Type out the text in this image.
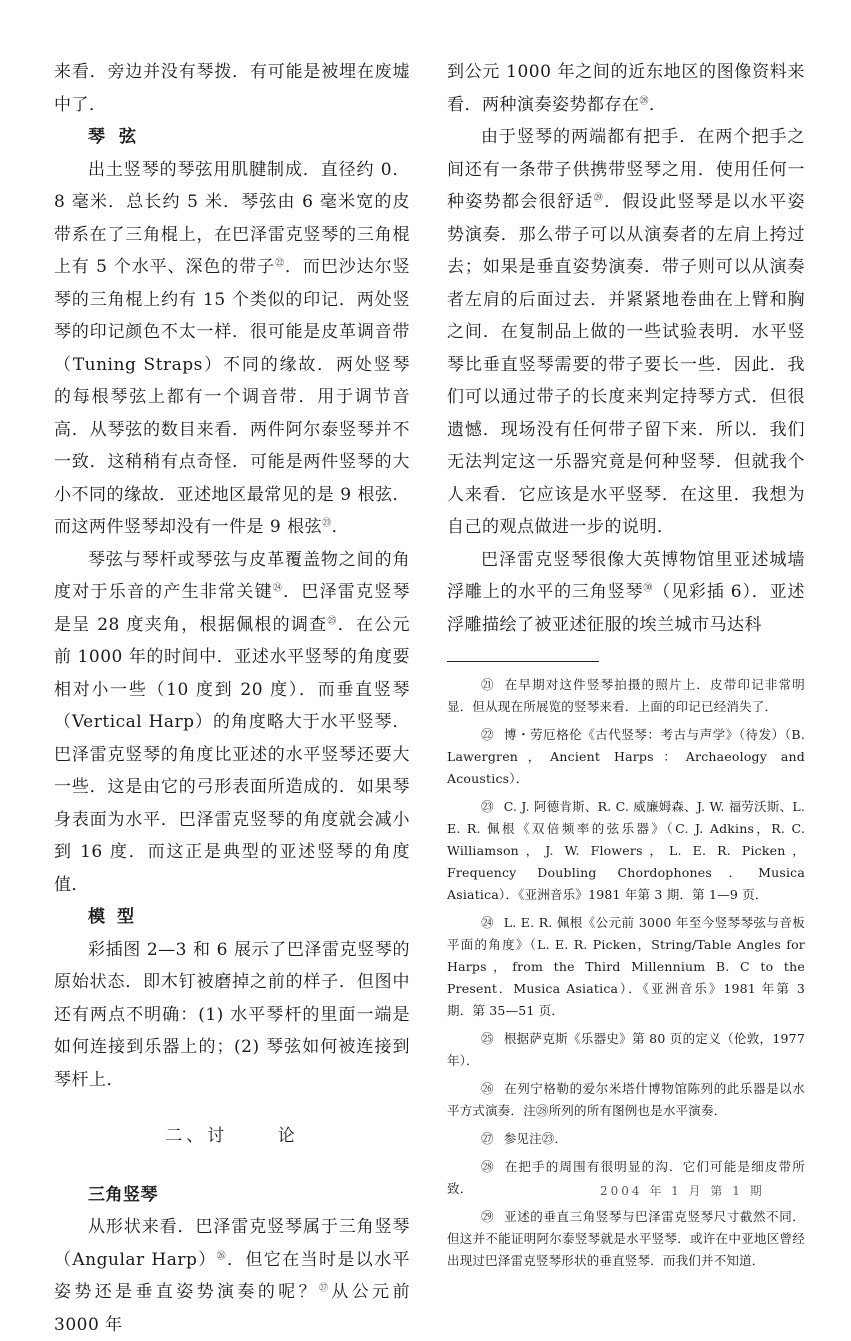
来看．旁边并没有琴拨．有可能是被埋在废墟中了．

琴弦

出土竖琴的琴弦用肌腱制成．直径约 0．8 毫米．总长约 5 米．琴弦由 6 毫米宽的皮带系在了三角棍上，在巴泽雷克竖琴的三角棍上有 5 个水平、深色的带子$^㉒$．而巴沙达尔竖琴的三角棍上约有 15 个类似的印记．两处竖琴的印记颜色不太一样．很可能是皮革调音带（Tuning Straps）不同的缘故．两处竖琴的每根琴弦上都有一个调音带．用于调节音高．从琴弦的数目来看．两件阿尔泰竖琴并不一致．这稍稍有点奇怪．可能是两件竖琴的大小不同的缘故．亚述地区最常见的是 9 根弦．而这两件竖琴却没有一件是 9 根弦$^㉓$．

琴弦与琴杆或琴弦与皮革覆盖物之间的角度对于乐音的产生非常关键$^㉔$．巴泽雷克竖琴是呈 28 度夹角，根据佩根的调查$^㉕$．在公元前 1000 年的时间中．亚述水平竖琴的角度要相对小一些（10 度到 20 度）．而垂直竖琴（Vertical Harp）的角度略大于水平竖琴．巴泽雷克竖琴的角度比亚述的水平竖琴还要大一些．这是由它的弓形表面所造成的．如果琴身表面为水平．巴泽雷克竖琴的角度就会减小到 16 度．而这正是典型的亚述竖琴的角度值．

模型

彩插图 2—3 和 6 展示了巴泽雷克竖琴的原始状态．即木钉被磨掉之前的样子．但图中还有两点不明确：(1) 水平琴杆的里面一端是如何连接到乐器上的；(2) 琴弦如何被连接到琴杆上．

二、讨 论

三角竖琴

从形状来看．巴泽雷克竖琴属于三角竖琴（Angular Harp）$^㉖$．但它在当时是以水平姿势还是垂直姿势演奏的呢？$^㉗$从公元前 3000 年

到公元 1000 年之间的近东地区的图像资料来看．两种演奏姿势都存在$^㉘$．

由于竖琴的两端都有把手．在两个把手之间还有一条带子供携带竖琴之用．使用任何一种姿势都会很舒适$^㉙$．假设此竖琴是以水平姿势演奏．那么带子可以从演奏者的左肩上挎过去；如果是垂直姿势演奏．带子则可以从演奏者左肩的后面过去．并紧紧地卷曲在上臂和胸之间．在复制品上做的一些试验表明．水平竖琴比垂直竖琴需要的带子要长一些．因此．我们可以通过带子的长度来判定持琴方式．但很遗憾．现场没有任何带子留下来．所以．我们无法判定这一乐器究竟是何种竖琴．但就我个人来看．它应该是水平竖琴．在这里．我想为自己的观点做进一步的说明．

巴泽雷克竖琴很像大英博物馆里亚述城墙浮雕上的水平的三角竖琴$^㉚$（见彩插 6）．亚述浮雕描绘了被亚述征服的埃兰城市马达科

㉑ 在早期对这件竖琴拍摄的照片上．皮带印记非常明显．但从现在所展览的竖琴来看．上面的印记已经消失了．

㉒ 博・劳厄格伦《古代竖琴：考古与声学》（待发）（B. Lawergren，Ancient Harps：Archaeology and Acoustics）．

㉓ C. J. 阿德肯斯、R. C. 威廉姆森、J. W. 福劳沃斯、L. E. R. 佩根《双倍频率的弦乐器》（C. J. Adkins，R. C. Williamson，J. W. Flowers，L. E. R. Picken，Frequency Doubling Chordophones．Musica Asiatica）．《亚洲音乐》1981 年第 3 期．第 1—9 页．

㉔ L. E. R. 佩根《公元前 3000 年至今竖琴琴弦与音板平面的角度》（L. E. R. Picken，String/Table Angles for Harps，from the Third Millennium B. C to the Present．Musica Asiatica）．《亚洲音乐》1981 年第 3 期．第 35—51 页．

㉕ 根据萨克斯《乐器史》第 80 页的定义（伦敦，1977 年）．

㉖ 在列宁格勒的爱尔米塔什博物馆陈列的此乐器是以水平方式演奏．注㉘所列的所有图例也是水平演奏．

㉗ 参见注㉓．

㉘ 在把手的周围有很明显的沟．它们可能是细皮带所致．

㉙ 亚述的垂直三角竖琴与巴泽雷克竖琴尺寸截然不同．但这并不能证明阿尔泰竖琴就是水平竖琴．或许在中亚地区曾经出现过巴泽雷克竖琴形状的垂直竖琴．而我们并不知道．

2004 年 1 月 第 1 期
